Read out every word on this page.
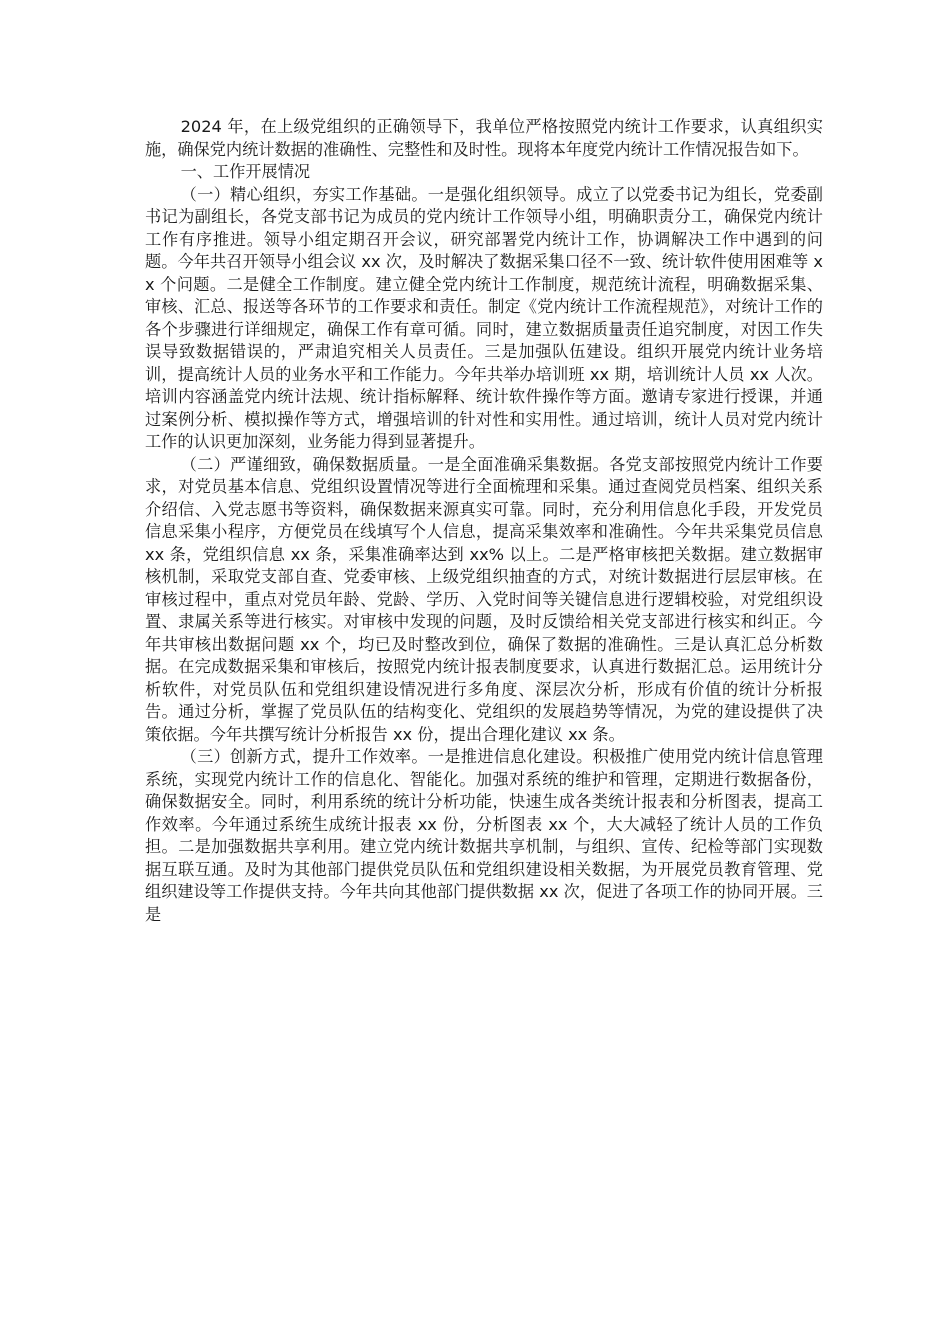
2024 年，在上级党组织的正确领导下，我单位严格按照党内统计工作要求，认真组织实施，确保党内统计数据的准确性、完整性和及时性。现将本年度党内统计工作情况报告如下。

一、工作开展情况

（一）精心组织，夯实工作基础。一是强化组织领导。成立了以党委书记为组长，党委副书记为副组长，各党支部书记为成员的党内统计工作领导小组，明确职责分工，确保党内统计工作有序推进。领导小组定期召开会议，研究部署党内统计工作，协调解决工作中遇到的问题。今年共召开领导小组会议 xx 次，及时解决了数据采集口径不一致、统计软件使用困难等 xx 个问题。二是健全工作制度。建立健全党内统计工作制度，规范统计流程，明确数据采集、审核、汇总、报送等各环节的工作要求和责任。制定《党内统计工作流程规范》，对统计工作的各个步骤进行详细规定，确保工作有章可循。同时，建立数据质量责任追究制度，对因工作失误导致数据错误的，严肃追究相关人员责任。三是加强队伍建设。组织开展党内统计业务培训，提高统计人员的业务水平和工作能力。今年共举办培训班 xx 期，培训统计人员 xx 人次。培训内容涵盖党内统计法规、统计指标解释、统计软件操作等方面。邀请专家进行授课，并通过案例分析、模拟操作等方式，增强培训的针对性和实用性。通过培训，统计人员对党内统计工作的认识更加深刻，业务能力得到显著提升。

（二）严谨细致，确保数据质量。一是全面准确采集数据。各党支部按照党内统计工作要求，对党员基本信息、党组织设置情况等进行全面梳理和采集。通过查阅党员档案、组织关系介绍信、入党志愿书等资料，确保数据来源真实可靠。同时，充分利用信息化手段，开发党员信息采集小程序，方便党员在线填写个人信息，提高采集效率和准确性。今年共采集党员信息 xx 条，党组织信息 xx 条，采集准确率达到 xx% 以上。二是严格审核把关数据。建立数据审核机制，采取党支部自查、党委审核、上级党组织抽查的方式，对统计数据进行层层审核。在审核过程中，重点对党员年龄、党龄、学历、入党时间等关键信息进行逻辑校验，对党组织设置、隶属关系等进行核实。对审核中发现的问题，及时反馈给相关党支部进行核实和纠正。今年共审核出数据问题 xx 个，均已及时整改到位，确保了数据的准确性。三是认真汇总分析数据。在完成数据采集和审核后，按照党内统计报表制度要求，认真进行数据汇总。运用统计分析软件，对党员队伍和党组织建设情况进行多角度、深层次分析，形成有价值的统计分析报告。通过分析，掌握了党员队伍的结构变化、党组织的发展趋势等情况，为党的建设提供了决策依据。今年共撰写统计分析报告 xx 份，提出合理化建议 xx 条。

（三）创新方式，提升工作效率。一是推进信息化建设。积极推广使用党内统计信息管理系统，实现党内统计工作的信息化、智能化。加强对系统的维护和管理，定期进行数据备份，确保数据安全。同时，利用系统的统计分析功能，快速生成各类统计报表和分析图表，提高工作效率。今年通过系统生成统计报表 xx 份，分析图表 xx 个，大大减轻了统计人员的工作负担。二是加强数据共享利用。建立党内统计数据共享机制，与组织、宣传、纪检等部门实现数据互联互通。及时为其他部门提供党员队伍和党组织建设相关数据，为开展党员教育管理、党组织建设等工作提供支持。今年共向其他部门提供数据 xx 次，促进了各项工作的协同开展。三是
